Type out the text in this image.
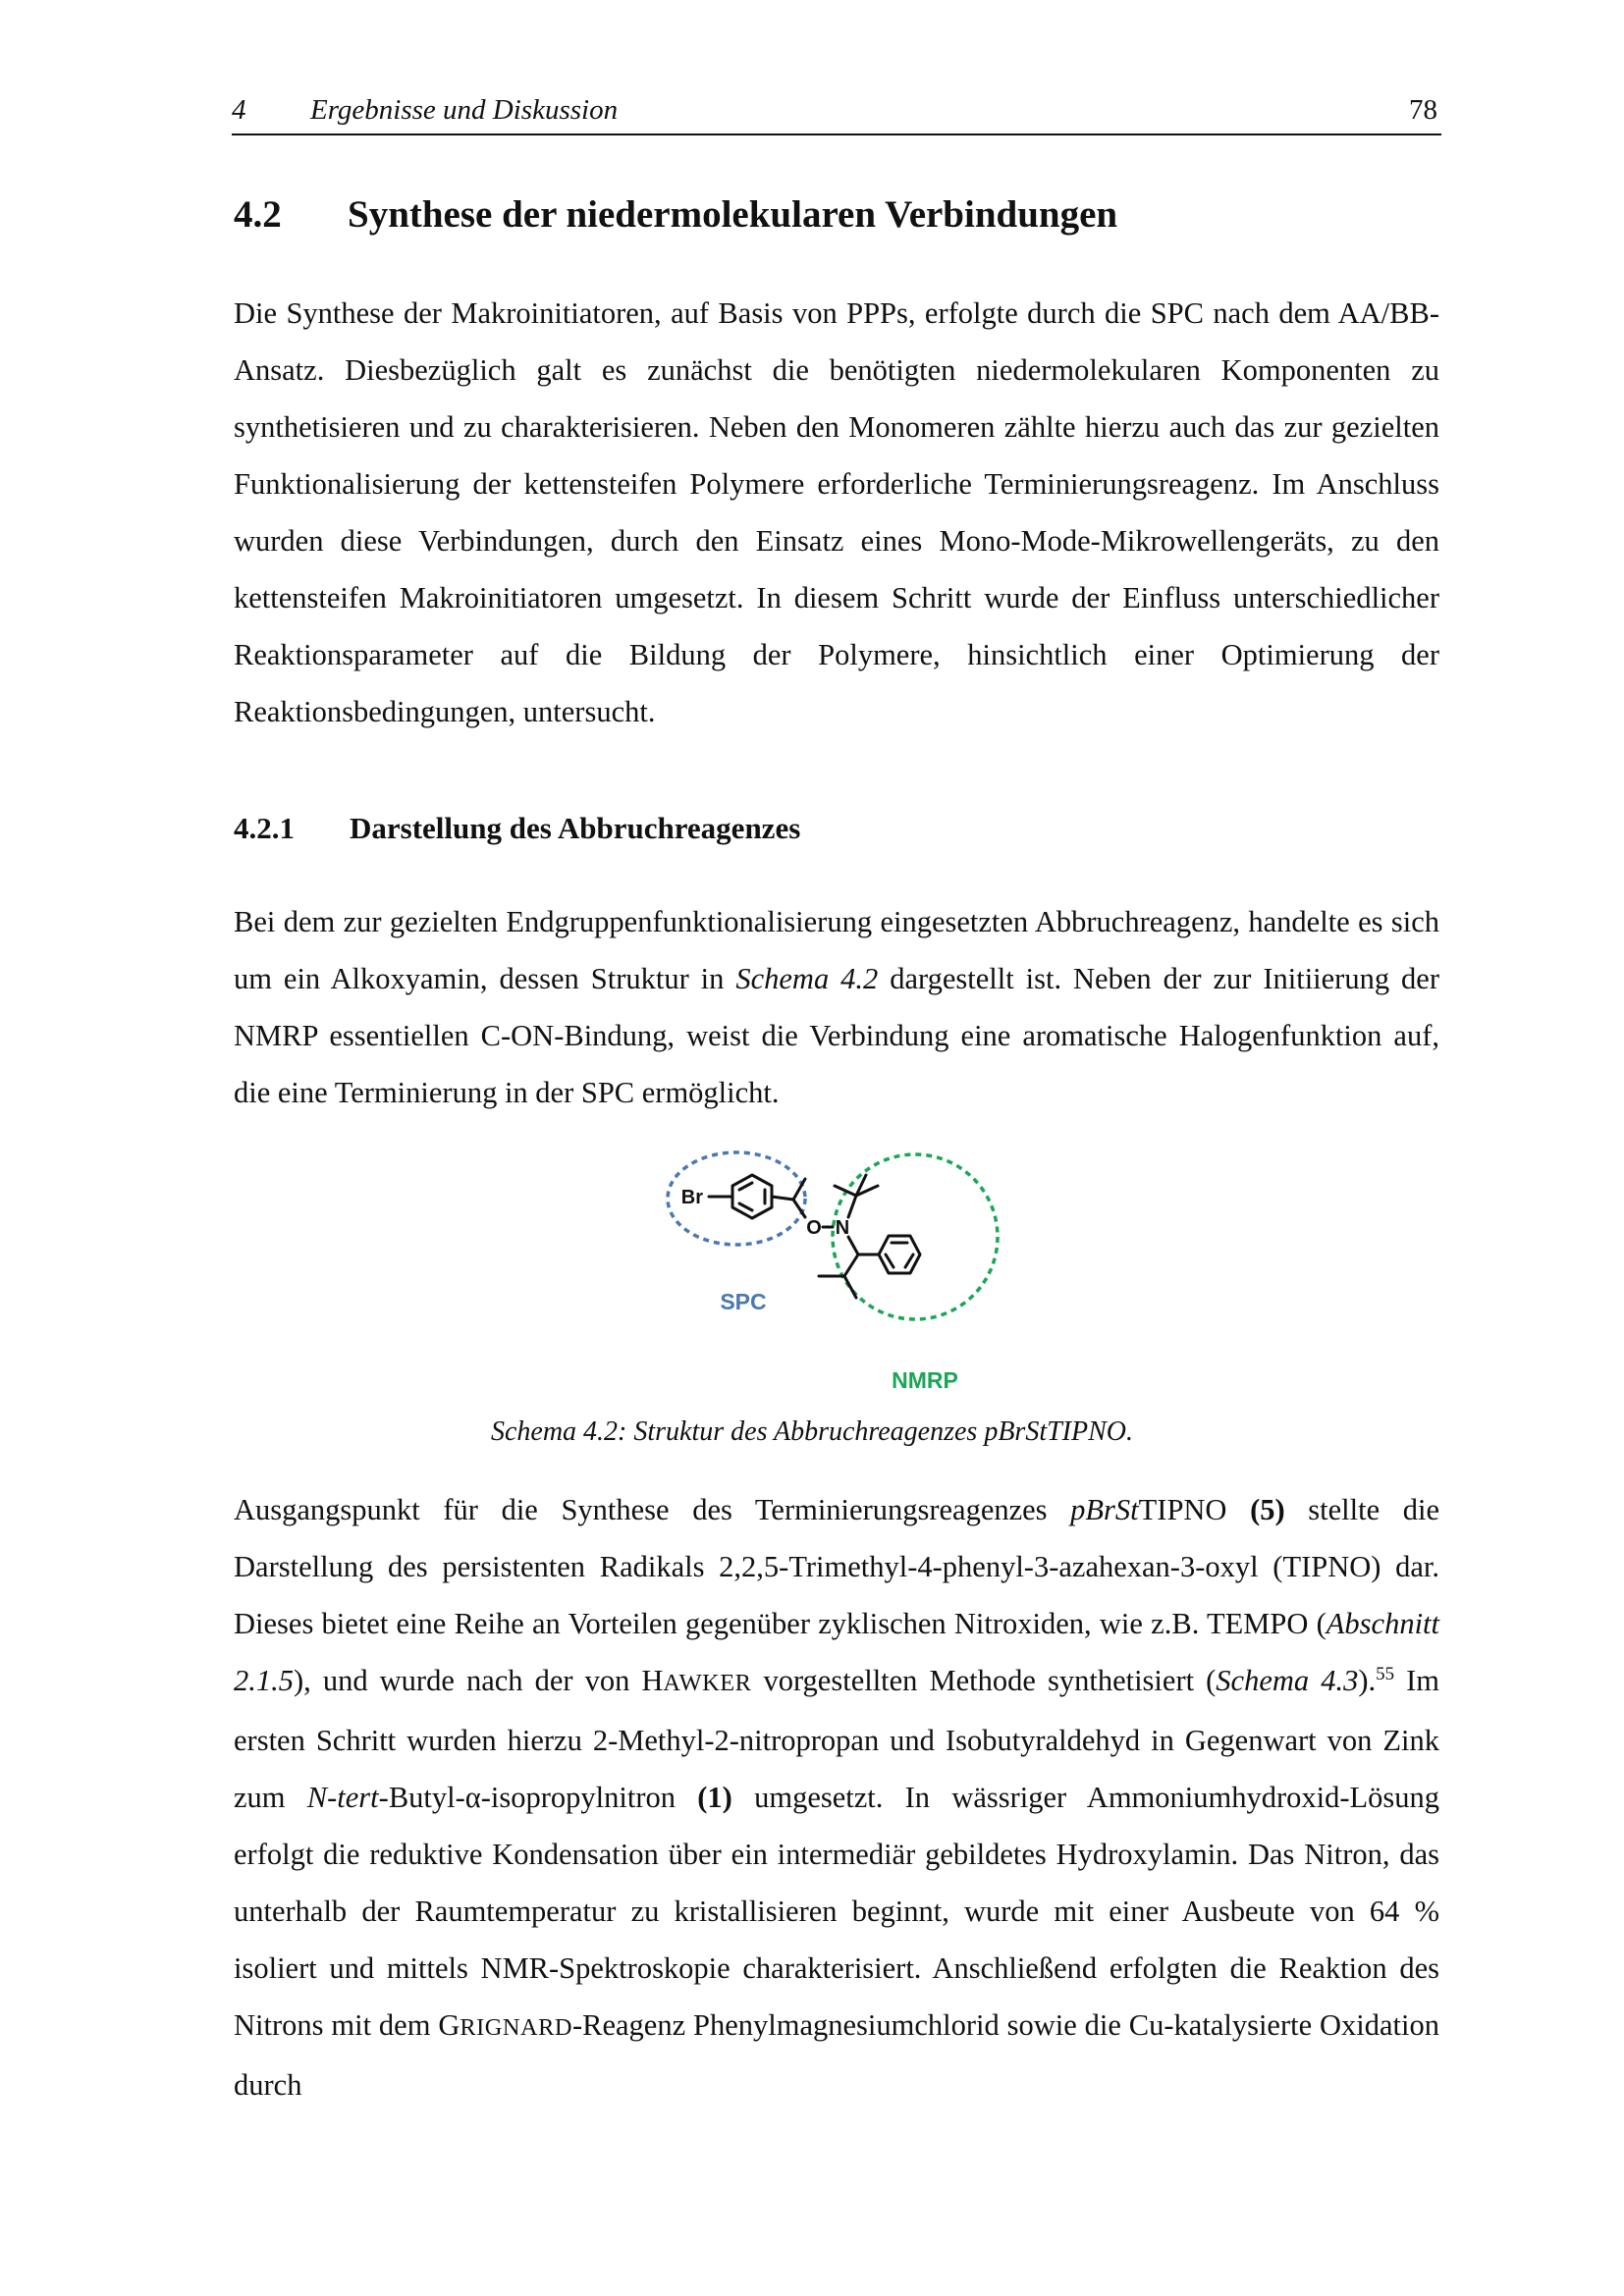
4 Ergebnisse und Diskussion	78
4.2 Synthese der niedermolekularen Verbindungen

Die Synthese der Makroinitiatoren, auf Basis von PPPs, erfolgte durch die SPC nach dem AA/BB-Ansatz. Diesbezüglich galt es zunächst die benötigten niedermolekularen Komponenten zu synthetisieren und zu charakterisieren. Neben den Monomeren zählte hierzu auch das zur gezielten Funktionalisierung der kettensteifen Polymere erforderliche Terminierungsreagenz. Im Anschluss wurden diese Verbindungen, durch den Einsatz eines Mono-Mode-Mikrowellengeräts, zu den kettensteifen Makroinitiatoren umgesetzt. In diesem Schritt wurde der Einfluss unterschiedlicher Reaktionsparameter auf die Bildung der Polymere, hinsichtlich einer Optimierung der Reaktionsbedingungen, untersucht.

4.2.1 Darstellung des Abbruchreagenzes

Bei dem zur gezielten Endgruppenfunktionalisierung eingesetzten Abbruchreagenz, handelte es sich um ein Alkoxyamin, dessen Struktur in Schema 4.2 dargestellt ist. Neben der zur Initiierung der NMRP essentiellen C-ON-Bindung, weist die Verbindung eine aromatische Halogenfunktion auf, die eine Terminierung in der SPC ermöglicht.

Br
O N
SPC
NMRP
Schema 4.2: Struktur des Abbruchreagenzes pBrStTIPNO.

Ausgangspunkt für die Synthese des Terminierungsreagenzes pBrStTIPNO (5) stellte die Darstellung des persistenten Radikals 2,2,5-Trimethyl-4-phenyl-3-azahexan-3-oxyl (TIPNO) dar. Dieses bietet eine Reihe an Vorteilen gegenüber zyklischen Nitroxiden, wie z.B. TEMPO (Abschnitt 2.1.5), und wurde nach der von HAWKER vorgestellten Methode synthetisiert (Schema 4.3).$^{55}$ Im ersten Schritt wurden hierzu 2-Methyl-2-nitropropan und Isobutyraldehyd in Gegenwart von Zink zum N-tert-Butyl-α-isopropylnitron (1) umgesetzt. In wässriger Ammoniumhydroxid-Lösung erfolgt die reduktive Kondensation über ein intermediär gebildetes Hydroxylamin. Das Nitron, das unterhalb der Raumtemperatur zu kristallisieren beginnt, wurde mit einer Ausbeute von 64 % isoliert und mittels NMR-Spektroskopie charakterisiert. Anschließend erfolgten die Reaktion des Nitrons mit dem GRIGNARD-Reagenz Phenylmagnesiumchlorid sowie die Cu-katalysierte Oxidation durch
